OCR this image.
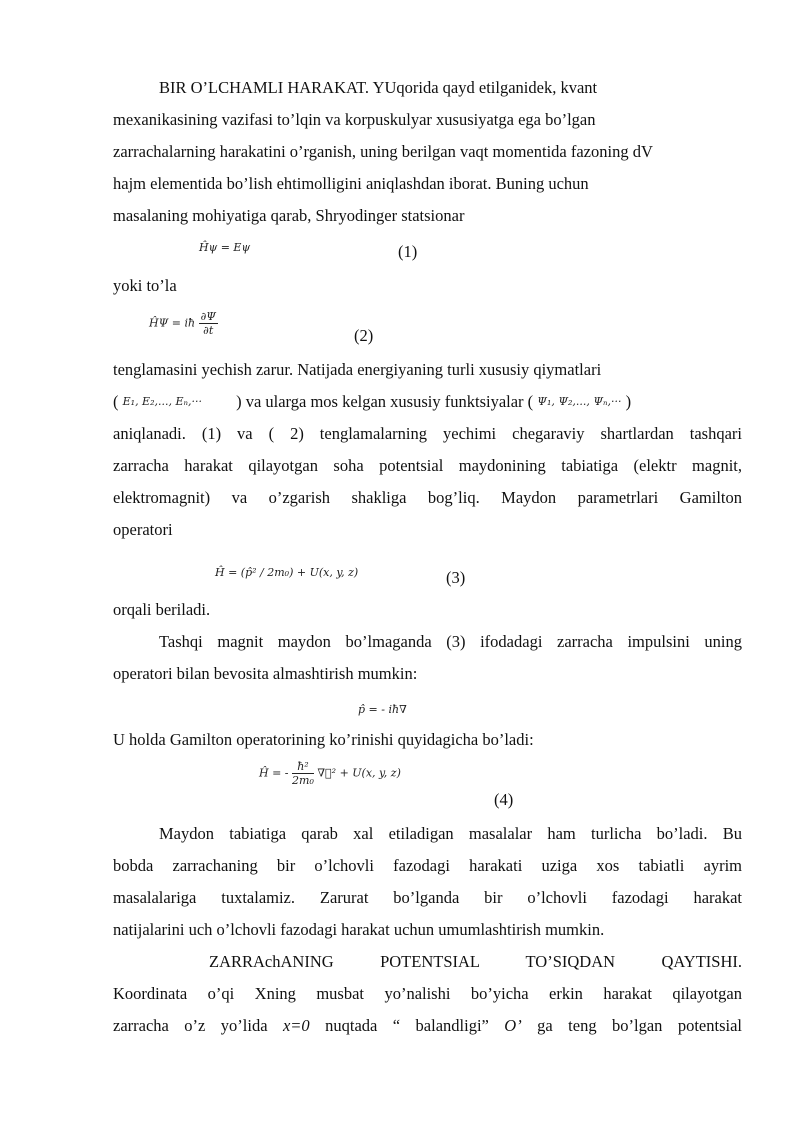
BIR O’LCHAMLI HARAKAT. YUqorida qayd etilganidek, kvant
mexanikasining vazifasi to’lqin va korpuskulyar xususiyatga ega bo’lgan
zarrachalarning harakatini o’rganish, uning berilgan vaqt momentida fazoning dV
hajm elementida bo’lish ehtimolligini aniqlashdan iborat. Buning uchun
masalaning mohiyatiga qarab, Shryodinger statsionar
Ĥψ = Eψ	(1)
yoki to’la
ĤΨ = iħ $\frac{\partial\Psi}{\partial t}$	(2)
tenglamasini yechish zarur. Natijada energiyaning turli xususiy qiymatlari
( E₁, E₂,..., Eₙ,··· ) va ularga mos kelgan xususiy funktsiyalar ( Ψ₁, Ψ₂,..., Ψₙ,··· )
aniqlanadi. (1) va ( 2) tenglamalarning yechimi chegaraviy shartlardan tashqari
zarracha harakat qilayotgan soha potentsial maydonining tabiatiga (elektr magnit,
elektromagnit) va o’zgarish shakliga bog’liq. Maydon parametrlari Gamilton
operatori
Ĥ = (p̂² / 2m₀) + U(x, y, z)	(3)
orqali beriladi.
Tashqi magnit maydon bo’lmaganda (3) ifodadagi zarracha impulsini uning
operatori bilan bevosita almashtirish mumkin:
p̂ = - iħ∇
U holda Gamilton operatorining ko’rinishi quyidagicha bo’ladi:
Ĥ = - $\frac{\text{ħ²}}{\text{2m₀}}$ ∇⃗² + U(x, y, z)
(4)
Maydon tabiatiga qarab xal etiladigan masalalar ham turlicha bo’ladi. Bu
bobda zarrachaning bir o’lchovli fazodagi harakati uziga xos tabiatli ayrim
masalalariga tuxtalamiz. Zarurat bo’lganda bir o’lchovli fazodagi harakat
natijalarini uch o’lchovli fazodagi harakat uchun umumlashtirish mumkin.
ZARRAchANING POTENTSIAL TO’SIQDAN QAYTISHI.
Koordinata o’qi Xning musbat yo’nalishi bo’yicha erkin harakat qilayotgan
zarracha o’z yo’lida x=0 nuqtada “ balandligi” O’ ga teng bo’lgan potentsial
